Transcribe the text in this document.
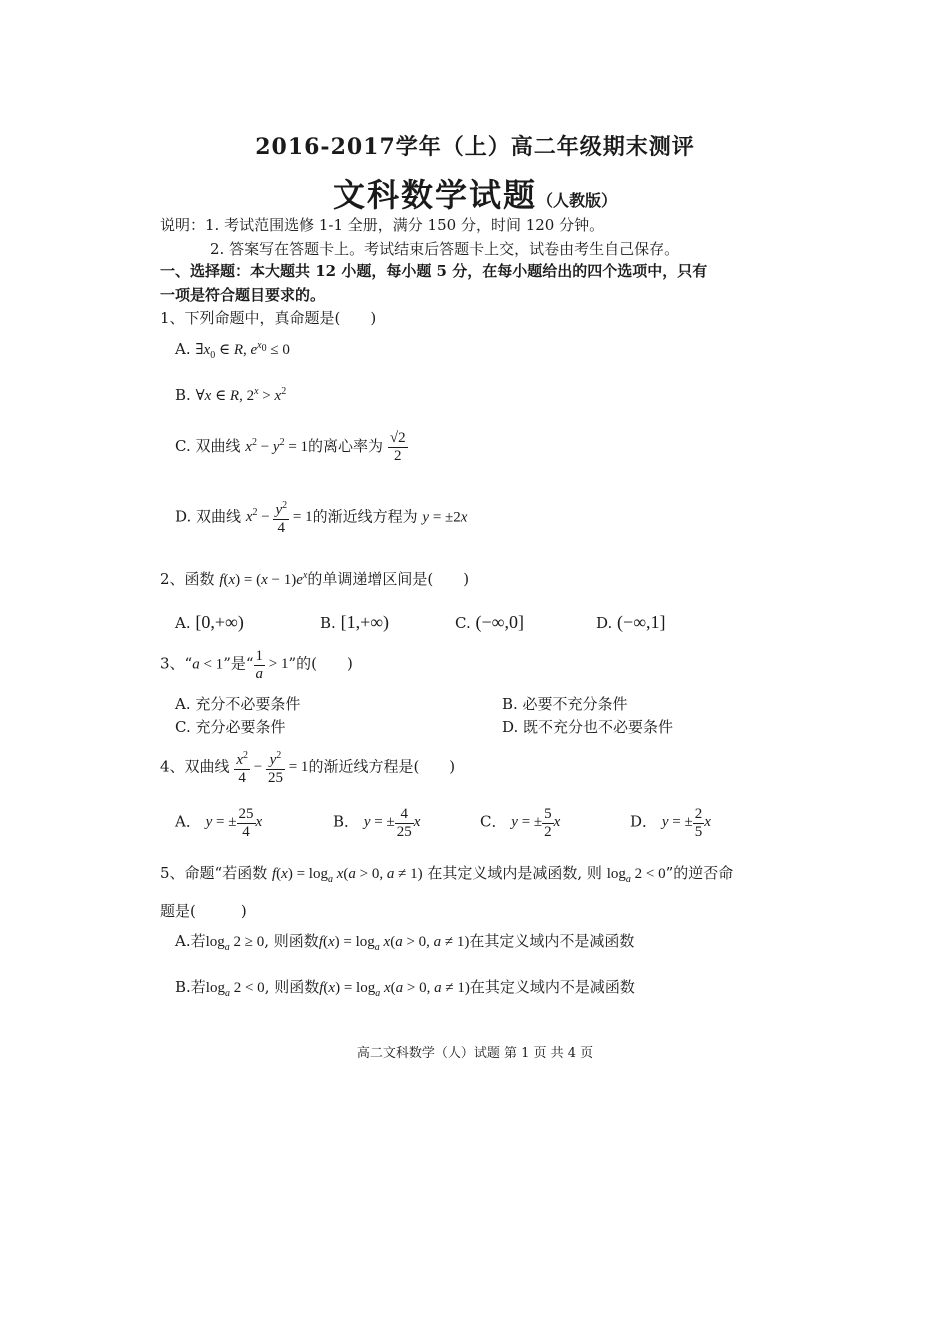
2016-2017学年（上）高二年级期末测评
文科数学试题（人教版）
说明：1. 考试范围选修 1-1 全册，满分 150 分，时间 120 分钟。
2. 答案写在答题卡上。考试结束后答题卡上交，试卷由考生自己保存。
一、选择题：本大题共 12 小题，每小题 5 分，在每小题给出的四个选项中，只有
一项是符合题目要求的。
1、下列命题中，真命题是(　　)
A. $\exists x_0$ ∈ R, $e^{x_0} \le 0$
B. ∀x ∈ R, $2^x > x^2$
C. 双曲线 $x^2 - y^2 = 1$的离心率为 $\frac{√2}{2}$
D. 双曲线 $x^2 - \frac{y^2}{4} = 1$的渐近线方程为 y = ±2x
2、函数 $f(x) = (x - 1)e^x$的单调递增区间是(　　)
A. [0,+∞)	B. [1,+∞)	C. (−∞,0]	D. (−∞,1]
3、“a < 1”是“ $\frac{1}{a} > 1$”的(　　)
A. 充分不必要条件	B. 必要不充分条件
C. 充分必要条件	D. 既不充分也不必要条件
4、双曲线 $\frac{x^2}{4} - \frac{y^2}{25} = 1$的渐近线方程是(　　)
A． y = ± $\frac{25}{4}$ x	B． y = ± $\frac{4}{25}$ x	C． y = ± $\frac{5}{2}$ x	D． y = ± $\frac{2}{5}$ x
5、命题“若函数 $f(x) = \log_a x(a > 0$, a ≠ 1) 在其定义域内是减函数, 则 $\log_a 2 < 0$”的逆否命
题是(　　　)
A.若$\log_a 2 \ge 0$, 则函数$f(x) = \log_a x(a > 0$, a ≠ 1)在其定义域内不是减函数
B.若$\log_a 2 < 0$, 则函数$f(x) = \log_a x(a > 0$, a ≠ 1)在其定义域内不是减函数
高二文科数学（人）试题 第 1 页 共 4 页
